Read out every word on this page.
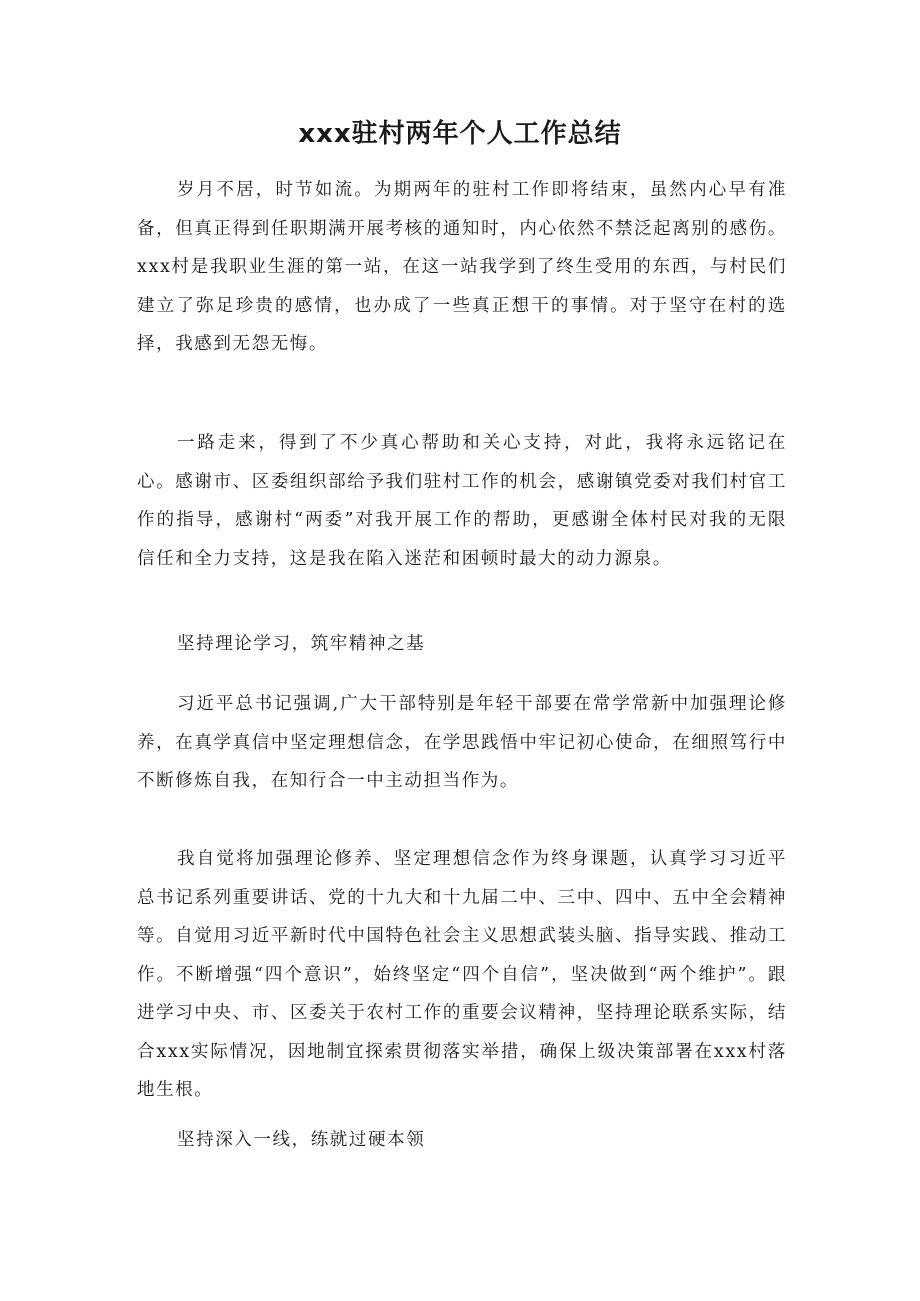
xxx驻村两年个人工作总结

岁月不居，时节如流。为期两年的驻村工作即将结束，虽然内心早有准备，但真正得到任职期满开展考核的通知时，内心依然不禁泛起离别的感伤。xxx村是我职业生涯的第一站，在这一站我学到了终生受用的东西，与村民们建立了弥足珍贵的感情，也办成了一些真正想干的事情。对于坚守在村的选择，我感到无怨无悔。

一路走来，得到了不少真心帮助和关心支持，对此，我将永远铭记在心。感谢市、区委组织部给予我们驻村工作的机会，感谢镇党委对我们村官工作的指导，感谢村“两委”对我开展工作的帮助，更感谢全体村民对我的无限信任和全力支持，这是我在陷入迷茫和困顿时最大的动力源泉。

坚持理论学习，筑牢精神之基

习近平总书记强调,广大干部特别是年轻干部要在常学常新中加强理论修养，在真学真信中坚定理想信念，在学思践悟中牢记初心使命，在细照笃行中不断修炼自我，在知行合一中主动担当作为。

我自觉将加强理论修养、坚定理想信念作为终身课题，认真学习习近平总书记系列重要讲话、党的十九大和十九届二中、三中、四中、五中全会精神等。自觉用习近平新时代中国特色社会主义思想武装头脑、指导实践、推动工作。不断增强“四个意识”，始终坚定“四个自信”，坚决做到“两个维护”。跟进学习中央、市、区委关于农村工作的重要会议精神，坚持理论联系实际，结合xxx实际情况，因地制宜探索贯彻落实举措，确保上级决策部署在xxx村落地生根。

坚持深入一线，练就过硬本领
